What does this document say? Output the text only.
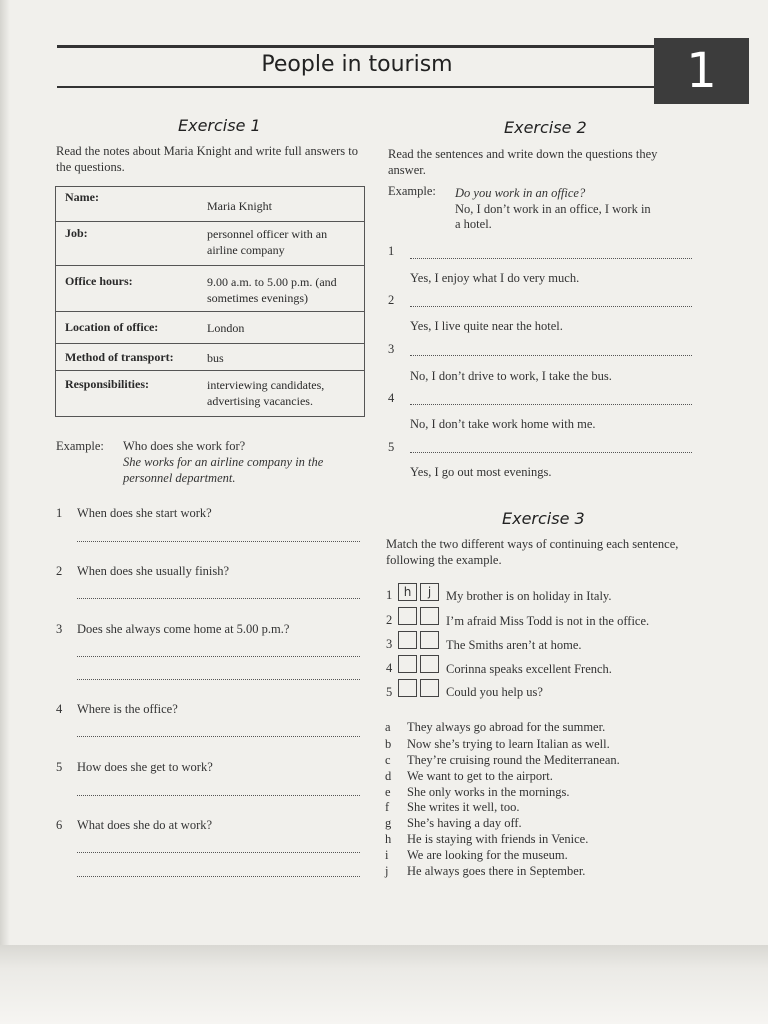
People in tourism	1
Exercise 1
Read the notes about Maria Knight and write full answers to the questions.
Name:	Maria Knight
Job:	personnel officer with an airline company
Office hours:	9.00 a.m. to 5.00 p.m. (and sometimes evenings)
Location of office:	London
Method of transport:	bus
Responsibilities:	interviewing candidates, advertising vacancies.
Example: Who does she work for?
She works for an airline company in the
personnel department.
1 When does she start work?
2 When does she usually finish?
3 Does she always come home at 5.00 p.m.?
4 Where is the office?
5 How does she get to work?
6 What does she do at work?
Exercise 2
Read the sentences and write down the questions they answer.
Example: Do you work in an office?
No, I don’t work in an office, I work in
a hotel.
1
Yes, I enjoy what I do very much.
2
Yes, I live quite near the hotel.
3
No, I don’t drive to work, I take the bus.
4
No, I don’t take work home with me.
5
Yes, I go out most evenings.
Exercise 3
Match the two different ways of continuing each sentence, following the example.
1 h	j	My brother is on holiday in Italy.
2	I’m afraid Miss Todd is not in the office.
3	The Smiths aren’t at home.
4	Corinna speaks excellent French.
5	Could you help us?
a They always go abroad for the summer.
b Now she’s trying to learn Italian as well.
c They’re cruising round the Mediterranean.
d We want to get to the airport.
e She only works in the mornings.
f She writes it well, too.
g She’s having a day off.
h He is staying with friends in Venice.
i We are looking for the museum.
j He always goes there in September.
